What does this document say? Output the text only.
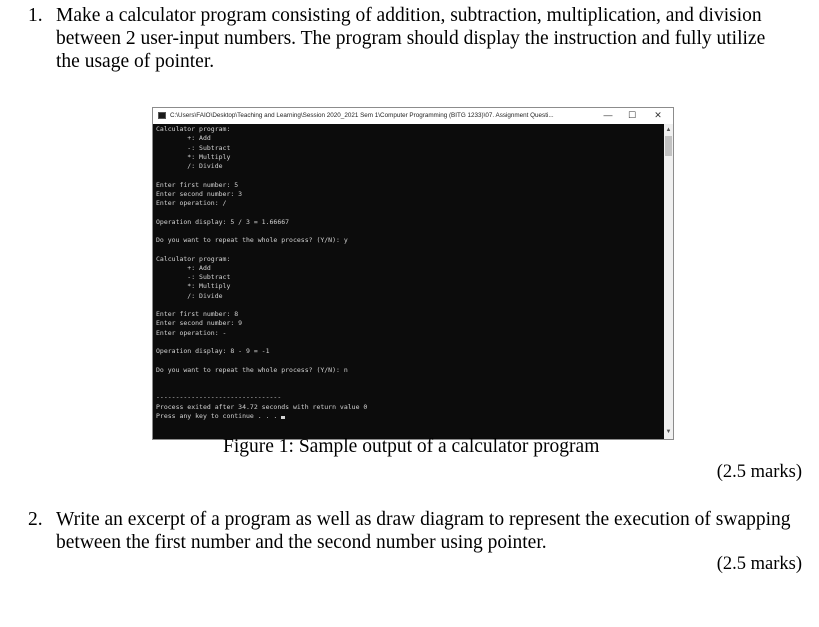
1. Make a calculator program consisting of addition, subtraction, multiplication, and division
between 2 user-input numbers. The program should display the instruction and fully utilize
the usage of pointer.
C:\Users\FAIO\Desktop\Teaching and Learning\Session 2020_2021 Sem 1\Computer Programming (BITG 1233)\07. Assignment Questi...	—	☐	✕
Calculator program:
+: Add
-: Subtract
*: Multiply
/: Divide
Enter first number: 5
Enter second number: 3
Enter operation: /
Operation display: 5 / 3 = 1.66667
Do you want to repeat the whole process? (Y/N): y
Calculator program:
+: Add
-: Subtract
*: Multiply
/: Divide
Enter first number: 8
Enter second number: 9
Enter operation: -
Operation display: 8 - 9 = -1
Do you want to repeat the whole process? (Y/N): n
--------------------------------
Process exited after 34.72 seconds with return value 0
Press any key to continue . . .
▲
▼
Figure 1: Sample output of a calculator program
(2.5 marks)
2. Write an excerpt of a program as well as draw diagram to represent the execution of swapping
between the first number and the second number using pointer.
(2.5 marks)
